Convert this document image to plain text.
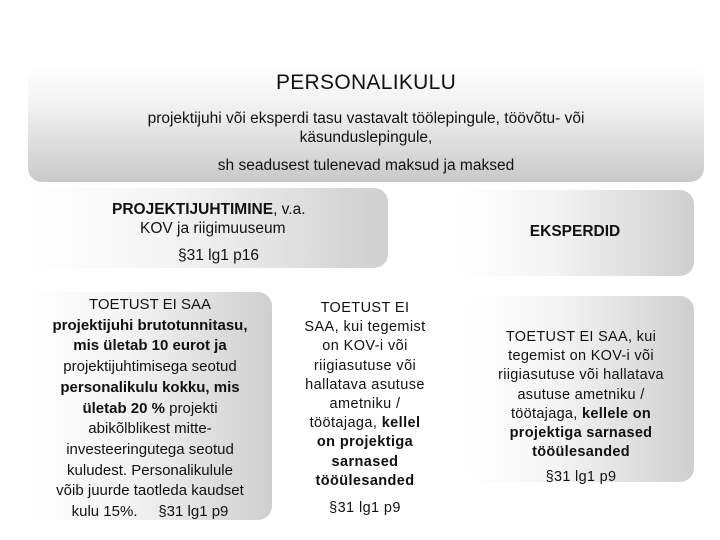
PERSONALIKULU
projektijuhi või eksperdi tasu vastavalt töölepingule, töövõtu- või
käsunduslepingule,
sh seadusest tulenevad maksud ja maksed
PROJEKTIJUHTIMINE, v.a.
KOV ja riigimuuseum
§31 lg1 p16
EKSPERDID
TOETUST EI SAA
projektijuhi brutotunnitasu,
mis ületab 10 eurot ja
projektijuhtimisega seotud
personalikulu kokku, mis
ületab 20 % projekti
abikõlblikest mitte-
investeeringutega seotud
kuludest. Personalikulule
võib juurde taotleda kaudset
kulu 15%.     §31 lg1 p9
TOETUST EI
SAA, kui tegemist
on KOV-i või
riigiasutuse või
hallatava asutuse
ametniku /
töötajaga, kellel
on projektiga
sarnased
tööülesanded

§31 lg1 p9
TOETUST EI SAA, kui
tegemist on KOV-i või
riigiasutuse või hallatava
asutuse ametniku /
töötajaga, kellele on
projektiga sarnased
tööülesanded

§31 lg1 p9
